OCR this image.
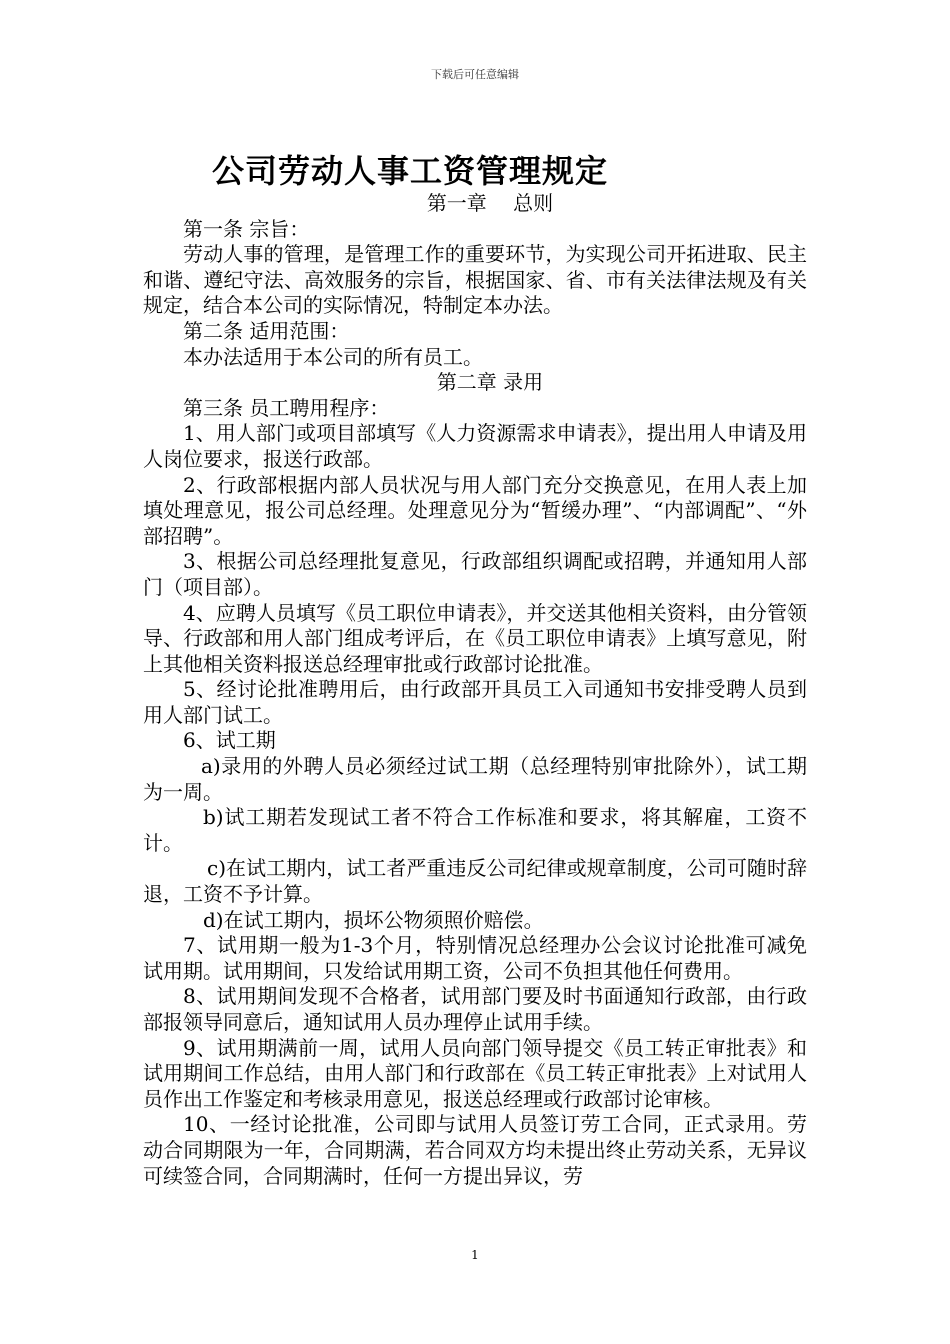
下载后可任意编辑
公司劳动人事工资管理规定

第一章　 总则

第一条 宗旨：

劳动人事的管理，是管理工作的重要环节，为实现公司开拓进取、民主和谐、遵纪守法、高效服务的宗旨，根据国家、省、市有关法律法规及有关规定，结合本公司的实际情况，特制定本办法。

第二条 适用范围：

本办法适用于本公司的所有员工。

第二章 录用

第三条 员工聘用程序：

1、用人部门或项目部填写《人力资源需求申请表》，提出用人申请及用人岗位要求，报送行政部。

2、行政部根据内部人员状况与用人部门充分交换意见，在用人表上加填处理意见，报公司总经理。处理意见分为“暂缓办理”、“内部调配”、“外部招聘”。

3、根据公司总经理批复意见，行政部组织调配或招聘，并通知用人部门（项目部）。

4、应聘人员填写《员工职位申请表》，并交送其他相关资料，由分管领导、行政部和用人部门组成考评后，在《员工职位申请表》上填写意见，附上其他相关资料报送总经理审批或行政部讨论批准。

5、经讨论批准聘用后，由行政部开具员工入司通知书安排受聘人员到用人部门试工。

6、试工期

a)录用的外聘人员必须经过试工期（总经理特别审批除外），试工期为一周。

b)试工期若发现试工者不符合工作标准和要求，将其解雇，工资不计。

c)在试工期内，试工者严重违反公司纪律或规章制度，公司可随时辞退，工资不予计算。

d)在试工期内，损坏公物须照价赔偿。

7、试用期一般为1-3个月，特别情况总经理办公会议讨论批准可减免试用期。试用期间，只发给试用期工资，公司不负担其他任何费用。

8、试用期间发现不合格者，试用部门要及时书面通知行政部，由行政部报领导同意后，通知试用人员办理停止试用手续。

9、试用期满前一周，试用人员向部门领导提交《员工转正审批表》和试用期间工作总结，由用人部门和行政部在《员工转正审批表》上对试用人员作出工作鉴定和考核录用意见，报送总经理或行政部讨论审核。

10、一经讨论批准，公司即与试用人员签订劳工合同，正式录用。劳动合同期限为一年，合同期满，若合同双方均未提出终止劳动关系，无异议可续签合同，合同期满时，任何一方提出异议，劳

1
